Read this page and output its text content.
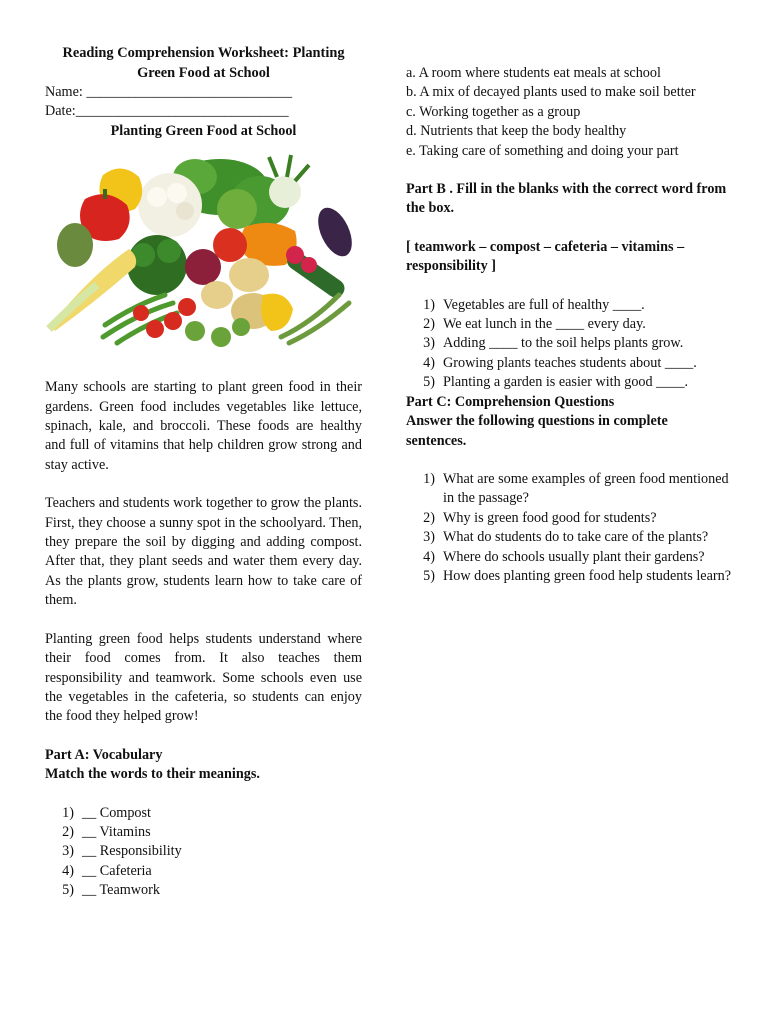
Reading Comprehension Worksheet: Planting Green Food at School

Name: _____________________________

Date:______________________________

Planting Green Food at School

Many schools are starting to plant green food in their gardens. Green food includes vegetables like lettuce, spinach, kale, and broccoli. These foods are healthy and full of vitamins that help children grow strong and stay active.

Teachers and students work together to grow the plants. First, they choose a sunny spot in the schoolyard. Then, they prepare the soil by digging and adding compost. After that, they plant seeds and water them every day. As the plants grow, students learn how to take care of them.

Planting green food helps students understand where their food comes from. It also teaches them responsibility and teamwork. Some schools even use the vegetables in the cafeteria, so students can enjoy the food they helped grow!

Part A: Vocabulary

Match the words to their meanings.

1) __ Compost
2) __ Vitamins
3) __ Responsibility
4) __ Cafeteria
5) __ Teamwork

a. A room where students eat meals at school

b. A mix of decayed plants used to make soil better

c. Working together as a group

d. Nutrients that keep the body healthy

e. Taking care of something and doing your part

Part B . Fill in the blanks with the correct word from the box.

[ teamwork – compost – cafeteria – vitamins – responsibility ]

1) Vegetables are full of healthy ____.
2) We eat lunch in the ____ every day.
3) Adding ____ to the soil helps plants grow.
4) Growing plants teaches students about ____.
5) Planting a garden is easier with good ____.

Part C: Comprehension Questions

Answer the following questions in complete sentences.

1) What are some examples of green food mentioned in the passage?
2) Why is green food good for students?
3) What do students do to take care of the plants?
4) Where do schools usually plant their gardens?
5) How does planting green food help students learn?
